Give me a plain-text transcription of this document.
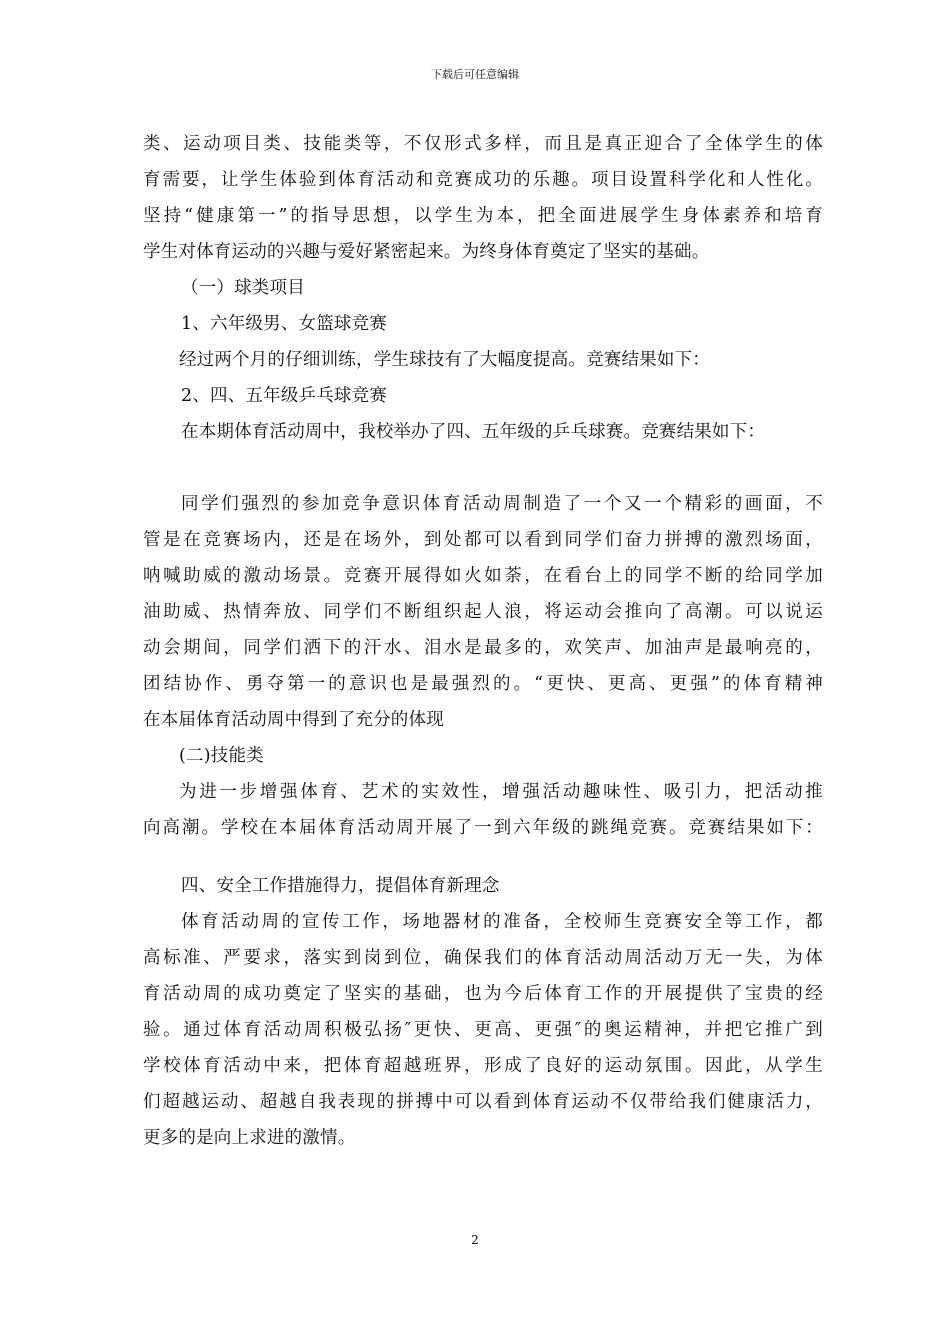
下载后可任意编辑
类、运动项目类、技能类等，不仅形式多样，而且是真正迎合了全体学生的体
育需要，让学生体验到体育活动和竞赛成功的乐趣。项目设置科学化和人性化。
坚持“健康第一”的指导思想，以学生为本，把全面进展学生身体素养和培育
学生对体育运动的兴趣与爱好紧密起来。为终身体育奠定了坚实的基础。
（一）球类项目
1、六年级男、女篮球竞赛
经过两个月的仔细训练，学生球技有了大幅度提高。竞赛结果如下：
2、四、五年级乒乓球竞赛
在本期体育活动周中，我校举办了四、五年级的乒乓球赛。竞赛结果如下：
同学们强烈的参加竞争意识体育活动周制造了一个又一个精彩的画面，不
管是在竞赛场内，还是在场外，到处都可以看到同学们奋力拼搏的激烈场面，
呐喊助威的激动场景。竞赛开展得如火如荼，在看台上的同学不断的给同学加
油助威、热情奔放、同学们不断组织起人浪，将运动会推向了高潮。可以说运
动会期间，同学们洒下的汗水、泪水是最多的，欢笑声、加油声是最响亮的，
团结协作、勇夺第一的意识也是最强烈的。“更快、更高、更强”的体育精神
在本届体育活动周中得到了充分的体现
(二)技能类
为进一步增强体育、艺术的实效性，增强活动趣味性、吸引力，把活动推
向高潮。学校在本届体育活动周开展了一到六年级的跳绳竞赛。竞赛结果如下：
四、安全工作措施得力，提倡体育新理念
体育活动周的宣传工作，场地器材的准备，全校师生竞赛安全等工作，都
高标准、严要求，落实到岗到位，确保我们的体育活动周活动万无一失，为体
育活动周的成功奠定了坚实的基础，也为今后体育工作的开展提供了宝贵的经
验。通过体育活动周积极弘扬″更快、更高、更强″的奥运精神，并把它推广到
学校体育活动中来，把体育超越班界，形成了良好的运动氛围。因此，从学生
们超越运动、超越自我表现的拼搏中可以看到体育运动不仅带给我们健康活力，
更多的是向上求进的激情。
2
